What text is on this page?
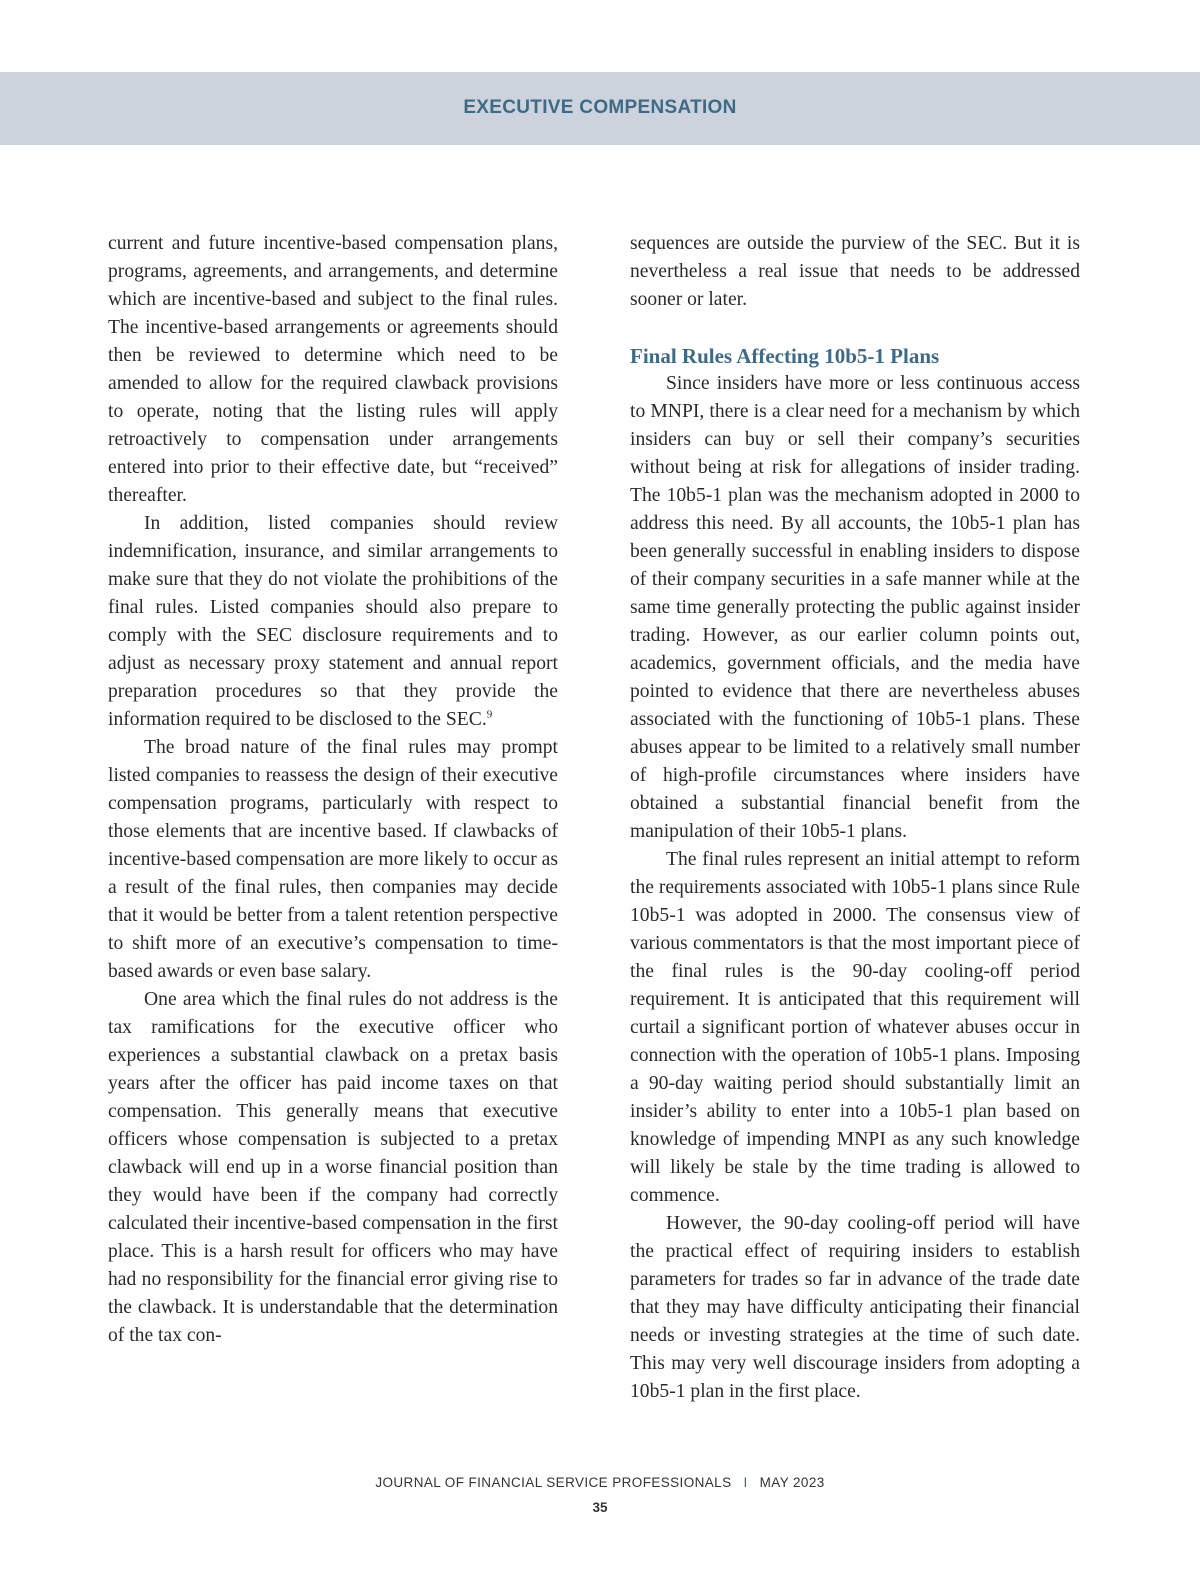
EXECUTIVE COMPENSATION

current and future incentive-based compensation plans, programs, agreements, and arrangements, and determine which are incentive-based and subject to the final rules. The incentive-based arrangements or agreements should then be reviewed to determine which need to be amended to allow for the required clawback provisions to operate, noting that the listing rules will apply retroactively to compensation under arrangements entered into prior to their effective date, but “received” thereafter.

In addition, listed companies should review indemnification, insurance, and similar arrangements to make sure that they do not violate the prohibitions of the final rules. Listed companies should also prepare to comply with the SEC disclosure requirements and to adjust as necessary proxy statement and annual report preparation procedures so that they provide the information required to be disclosed to the SEC.$^9$

The broad nature of the final rules may prompt listed companies to reassess the design of their executive compensation programs, particularly with respect to those elements that are incentive based. If clawbacks of incentive-based compensation are more likely to occur as a result of the final rules, then companies may decide that it would be better from a talent retention perspective to shift more of an executive’s compensation to time-based awards or even base salary.

One area which the final rules do not address is the tax ramifications for the executive officer who experiences a substantial clawback on a pretax basis years after the officer has paid income taxes on that compensation. This generally means that executive officers whose compensation is subjected to a pretax clawback will end up in a worse financial position than they would have been if the company had correctly calculated their incentive-based compensation in the first place. This is a harsh result for officers who may have had no responsibility for the financial error giving rise to the clawback. It is understandable that the determination of the tax con-

sequences are outside the purview of the SEC. But it is nevertheless a real issue that needs to be addressed sooner or later.

Final Rules Affecting 10b5-1 Plans

Since insiders have more or less continuous access to MNPI, there is a clear need for a mechanism by which insiders can buy or sell their company’s securities without being at risk for allegations of insider trading. The 10b5-1 plan was the mechanism adopted in 2000 to address this need. By all accounts, the 10b5-1 plan has been generally successful in enabling insiders to dispose of their company securities in a safe manner while at the same time generally protecting the public against insider trading. However, as our earlier column points out, academics, government officials, and the media have pointed to evidence that there are nevertheless abuses associated with the functioning of 10b5-1 plans. These abuses appear to be limited to a relatively small number of high-profile circumstances where insiders have obtained a substantial financial benefit from the manipulation of their 10b5-1 plans.

The final rules represent an initial attempt to reform the requirements associated with 10b5-1 plans since Rule 10b5-1 was adopted in 2000. The consensus view of various commentators is that the most important piece of the final rules is the 90-day cooling-off period requirement. It is anticipated that this requirement will curtail a significant portion of whatever abuses occur in connection with the operation of 10b5-1 plans. Imposing a 90-day waiting period should substantially limit an insider’s ability to enter into a 10b5-1 plan based on knowledge of impending MNPI as any such knowledge will likely be stale by the time trading is allowed to commence.

However, the 90-day cooling-off period will have the practical effect of requiring insiders to establish parameters for trades so far in advance of the trade date that they may have difficulty anticipating their financial needs or investing strategies at the time of such date. This may very well discourage insiders from adopting a 10b5-1 plan in the first place.

JOURNAL OF FINANCIAL SERVICE PROFESSIONALS I MAY 2023
35
